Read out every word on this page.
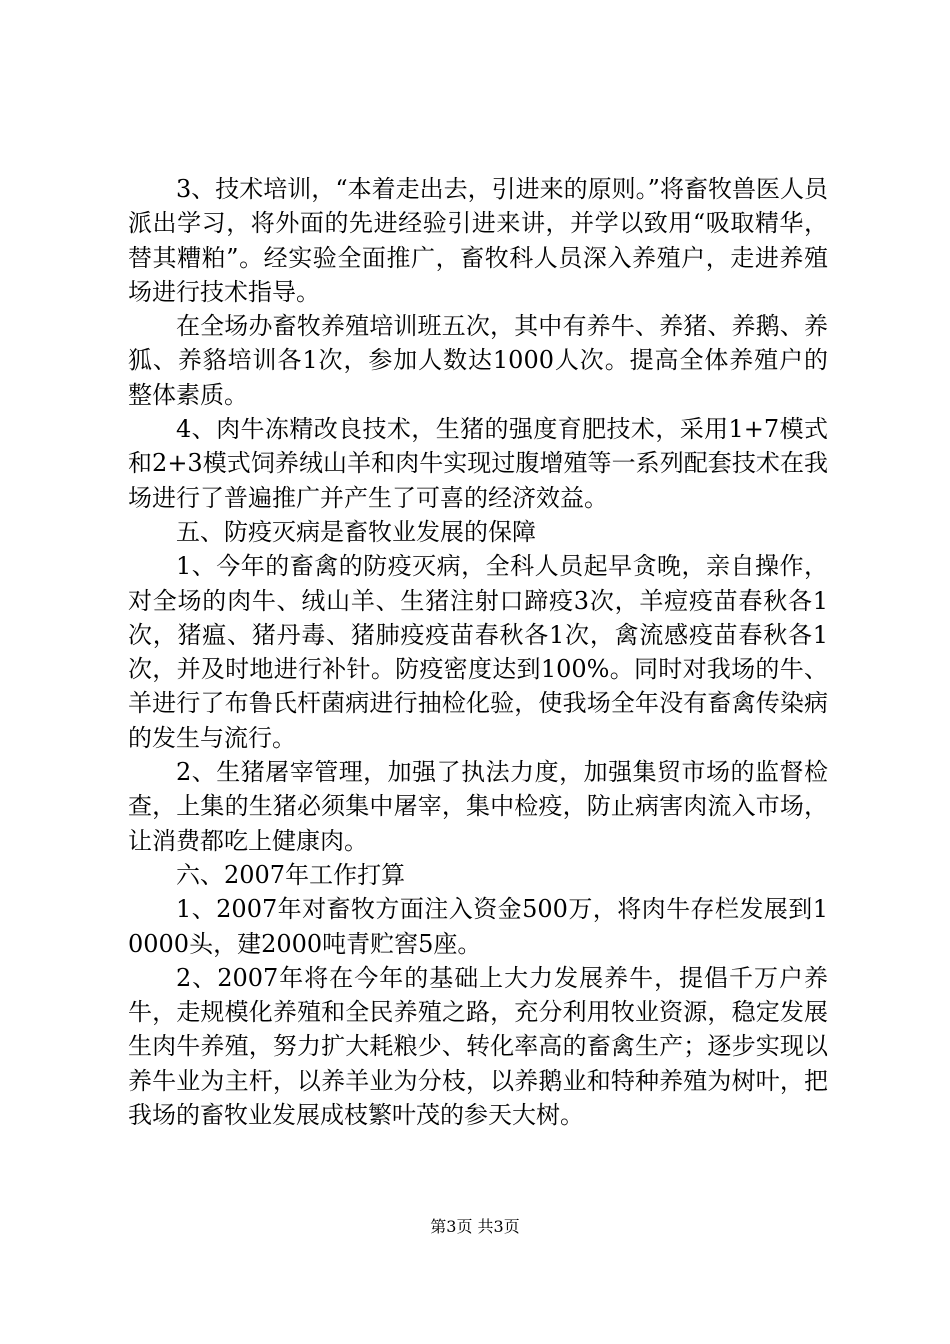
3、技术培训，“本着走出去，引进来的原则。”将畜牧兽医人员派出学习，将外面的先进经验引进来讲，并学以致用“吸取精华，替其糟粕”。经实验全面推广，畜牧科人员深入养殖户，走进养殖场进行技术指导。

在全场办畜牧养殖培训班五次，其中有养牛、养猪、养鹅、养狐、养貉培训各1次，参加人数达1000人次。提高全体养殖户的整体素质。

4、肉牛冻精改良技术，生猪的强度育肥技术，采用1+7模式和2+3模式饲养绒山羊和肉牛实现过腹增殖等一系列配套技术在我场进行了普遍推广并产生了可喜的经济效益。

五、防疫灭病是畜牧业发展的保障

1、今年的畜禽的防疫灭病，全科人员起早贪晚，亲自操作，对全场的肉牛、绒山羊、生猪注射口蹄疫3次，羊痘疫苗春秋各1次，猪瘟、猪丹毒、猪肺疫疫苗春秋各1次，禽流感疫苗春秋各1次，并及时地进行补针。防疫密度达到100%。同时对我场的牛、羊进行了布鲁氏杆菌病进行抽检化验，使我场全年没有畜禽传染病的发生与流行。

2、生猪屠宰管理，加强了执法力度，加强集贸市场的监督检查，上集的生猪必须集中屠宰，集中检疫，防止病害肉流入市场，让消费都吃上健康肉。

六、2007年工作打算

1、2007年对畜牧方面注入资金500万，将肉牛存栏发展到10000头，建2000吨青贮窖5座。

2、2007年将在今年的基础上大力发展养牛，提倡千万户养牛，走规模化养殖和全民养殖之路，充分利用牧业资源，稳定发展生肉牛养殖，努力扩大耗粮少、转化率高的畜禽生产；逐步实现以养牛业为主杆，以养羊业为分枝，以养鹅业和特种养殖为树叶，把我场的畜牧业发展成枝繁叶茂的参天大树。

第3页 共3页
